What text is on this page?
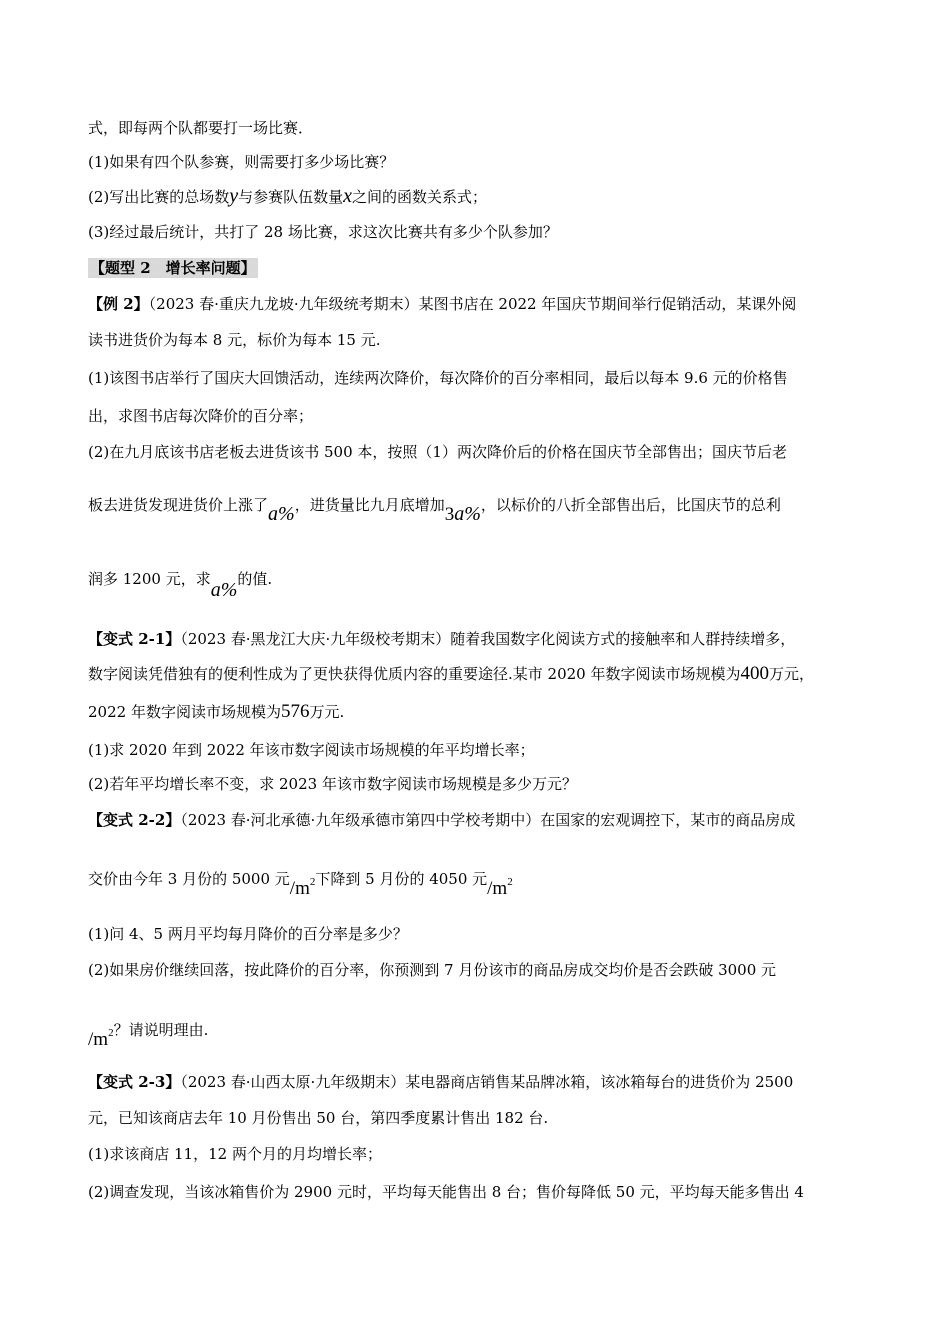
式，即每两个队都要打一场比赛．
(1)如果有四个队参赛，则需要打多少场比赛？
(2)写出比赛的总场数y与参赛队伍数量x之间的函数关系式；
(3)经过最后统计，共打了 28 场比赛，求这次比赛共有多少个队参加？
【题型 2　增长率问题】
【例 2】（2023 春·重庆九龙坡·九年级统考期末）某图书店在 2022 年国庆节期间举行促销活动，某课外阅
读书进货价为每本 8 元，标价为每本 15 元.
(1)该图书店举行了国庆大回馈活动，连续两次降价，每次降价的百分率相同，最后以每本 9.6 元的价格售
出，求图书店每次降价的百分率；
(2)在九月底该书店老板去进货该书 500 本，按照（1）两次降价后的价格在国庆节全部售出；国庆节后老
板去进货发现进货价上涨了a%，进货量比九月底增加3a%，以标价的八折全部售出后，比国庆节的总利
润多 1200 元，求a%的值.
【变式 2-1】（2023 春·黑龙江大庆·九年级校考期末）随着我国数字化阅读方式的接触率和人群持续增多，
数字阅读凭借独有的便利性成为了更快获得优质内容的重要途径.某市 2020 年数字阅读市场规模为400万元，
2022 年数字阅读市场规模为576万元.
(1)求 2020 年到 2022 年该市数字阅读市场规模的年平均增长率；
(2)若年平均增长率不变，求 2023 年该市数字阅读市场规模是多少万元？
【变式 2-2】（2023 春·河北承德·九年级承德市第四中学校考期中）在国家的宏观调控下，某市的商品房成
交价由今年 3 月份的 5000 元$/m^2$下降到 5 月份的 4050 元$/m^2$
(1)问 4、5 两月平均每月降价的百分率是多少？
(2)如果房价继续回落，按此降价的百分率，你预测到 7 月份该市的商品房成交均价是否会跌破 3000 元
$/m^2$？请说明理由.
【变式 2-3】（2023 春·山西太原·九年级期末）某电器商店销售某品牌冰箱，该冰箱每台的进货价为 2500
元，已知该商店去年 10 月份售出 50 台，第四季度累计售出 182 台.
(1)求该商店 11，12 两个月的月均增长率；
(2)调查发现，当该冰箱售价为 2900 元时，平均每天能售出 8 台；售价每降低 50 元，平均每天能多售出 4
